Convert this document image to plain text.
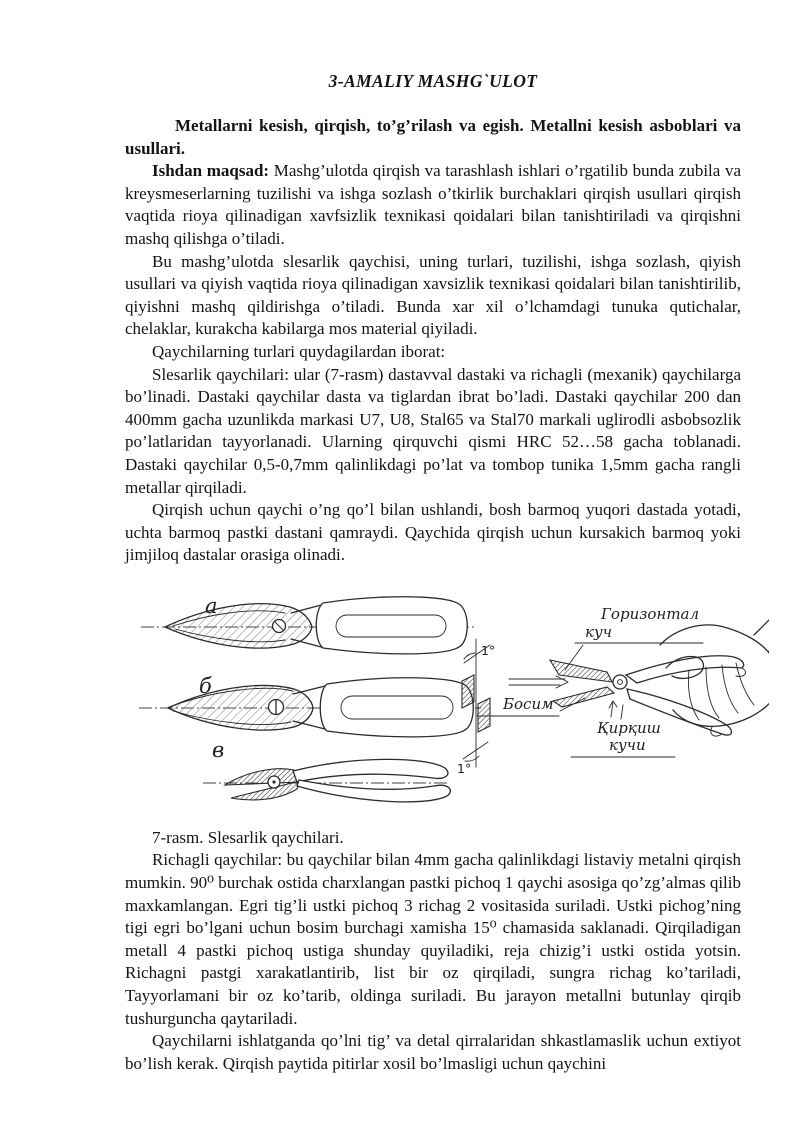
3-AMALIY MASHG`ULOT

Metallarni kesish, qirqish, to’g’rilash va egish. Metallni kesish asboblari va usullari.

Ishdan maqsad: Mashg’ulotda qirqish va tarashlash ishlari o’rgatilib bunda zubila va kreysmeserlarning tuzilishi va ishga sozlash o’tkirlik burchaklari qirqish usullari qirqish vaqtida rioya qilinadigan xavfsizlik texnikasi qoidalari bilan tanishtiriladi va qirqishni mashq qilishga o’tiladi.

Bu mashg’ulotda slesarlik qaychisi, uning turlari, tuzilishi, ishga sozlash, qiyish usullari va qiyish vaqtida rioya qilinadigan xavsizlik texnikasi qoidalari bilan tanishtirilib, qiyishni mashq qildirishga o’tiladi. Bunda xar xil o’lchamdagi tunuka qutichalar, chelaklar, kurakcha kabilarga mos material qiyiladi.

Qaychilarning turlari quydagilardan iborat:

Slesarlik qaychilari: ular (7-rasm) dastavval dastaki va richagli (mexanik) qaychilarga bo’linadi. Dastaki qaychilar dasta va tiglardan ibrat bo’ladi. Dastaki qaychilar 200 dan 400mm gacha uzunlikda markasi U7, U8, Stal65 va Stal70 markali uglirodli asbobsozlik po’latlaridan tayyorlanadi. Ularning qirquvchi qismi HRC 52…58 gacha toblanadi. Dastaki qaychilar 0,5-0,7mm qalinlikdagi po’lat va tombop tunika 1,5mm gacha rangli metallar qirqiladi.

Qirqish uchun qaychi o’ng qo’l bilan ushlandi, bosh barmoq yuqori dastada yotadi, uchta barmoq pastki dastani qamraydi. Qaychida qirqish uchun kursakich barmoq yoki jimjiloq dastalar orasiga olinadi.

а
б
в
1°
1°
Горизонтал
куч
Босим
Қирқиш
кучи

7-rasm. Slesarlik qaychilari.

Richagli qaychilar: bu qaychilar bilan 4mm gacha qalinlikdagi listaviy metalni qirqish mumkin. 90⁰ burchak ostida charxlangan pastki pichoq 1 qaychi asosiga qo’zg’almas qilib maxkamlangan. Egri tig’li ustki pichoq 3 richag 2 vositasida suriladi. Ustki pichog’ning tigi egri bo’lgani uchun bosim burchagi xamisha 15⁰ chamasida saklanadi. Qirqiladigan metall 4 pastki pichoq ustiga shunday quyiladiki, reja chizig’i ustki ostida yotsin. Richagni pastgi xarakatlantirib, list bir oz qirqiladi, sungra richag ko’tariladi, Tayyorlamani bir oz ko’tarib, oldinga suriladi. Bu jarayon metallni butunlay qirqib tushurguncha qaytariladi.

Qaychilarni ishlatganda qo’lni tig’ va detal qirralaridan shkastlamaslik uchun extiyot bo’lish kerak. Qirqish paytida pitirlar xosil bo’lmasligi uchun qaychini
